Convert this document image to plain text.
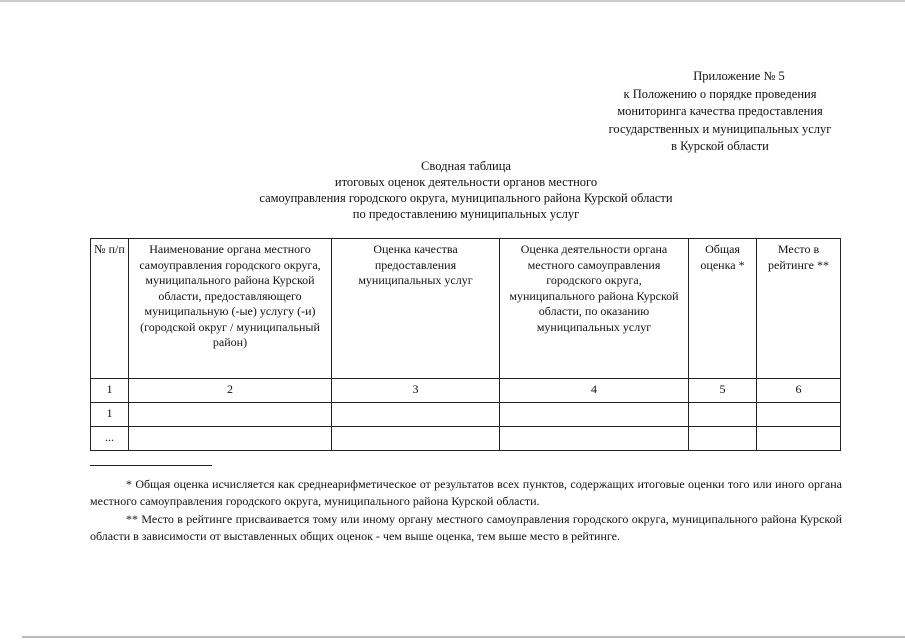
Приложение № 5
к Положению о порядке проведения
мониторинга качества предоставления
государственных и муниципальных услуг
в Курской области
Сводная таблица
итоговых оценок деятельности органов местного
самоуправления городского округа, муниципального района Курской области
по предоставлению муниципальных услуг
№ п/п	Наименование органа местного самоуправления городского округа, муниципального района Курской области, предоставляющего муниципальную (-ые) услугу (-и) (городской округ / муниципальный район)	Оценка качества предоставления муниципальных услуг	Оценка деятельности органа местного самоуправления городского округа, муниципального района Курской области, по оказанию муниципальных услуг	Общая оценка *	Место в рейтинге **
1	2	3	4	5	6
1					
...					

* Общая оценка исчисляется как среднеарифметическое от результатов всех пунктов, содержащих итоговые оценки того или иного органа местного самоуправления городского округа, муниципального района Курской области.

** Место в рейтинге присваивается тому или иному органу местного самоуправления городского округа, муниципального района Курской области в зависимости от выставленных общих оценок - чем выше оценка, тем выше место в рейтинге.
